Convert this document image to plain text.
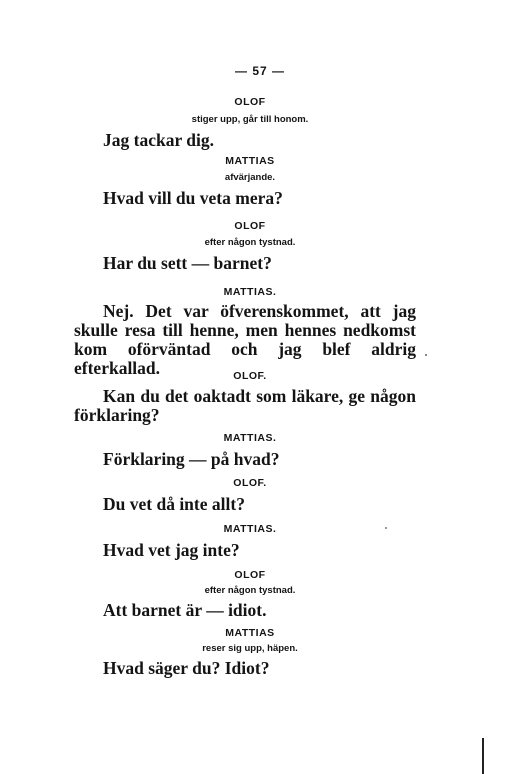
— 57 —
OLOF
stiger upp, går till honom.
Jag tackar dig.
MATTIAS
afvärjande.
Hvad vill du veta mera?
OLOF
efter någon tystnad.
Har du sett — barnet?
MATTIAS.
Nej. Det var öfverenskommet, att jag skulle resa till henne, men hennes nedkomst kom oförväntad och jag blef aldrig efterkallad.	OLOF.
Kan du det oaktadt som läkare, ge någon förklaring?
MATTIAS.
Förklaring — på hvad?
OLOF.
Du vet då inte allt?
MATTIAS.
Hvad vet jag inte?
OLOF
efter någon tystnad.
Att barnet är — idiot.
MATTIAS
reser sig upp, häpen.
Hvad säger du? Idiot?
